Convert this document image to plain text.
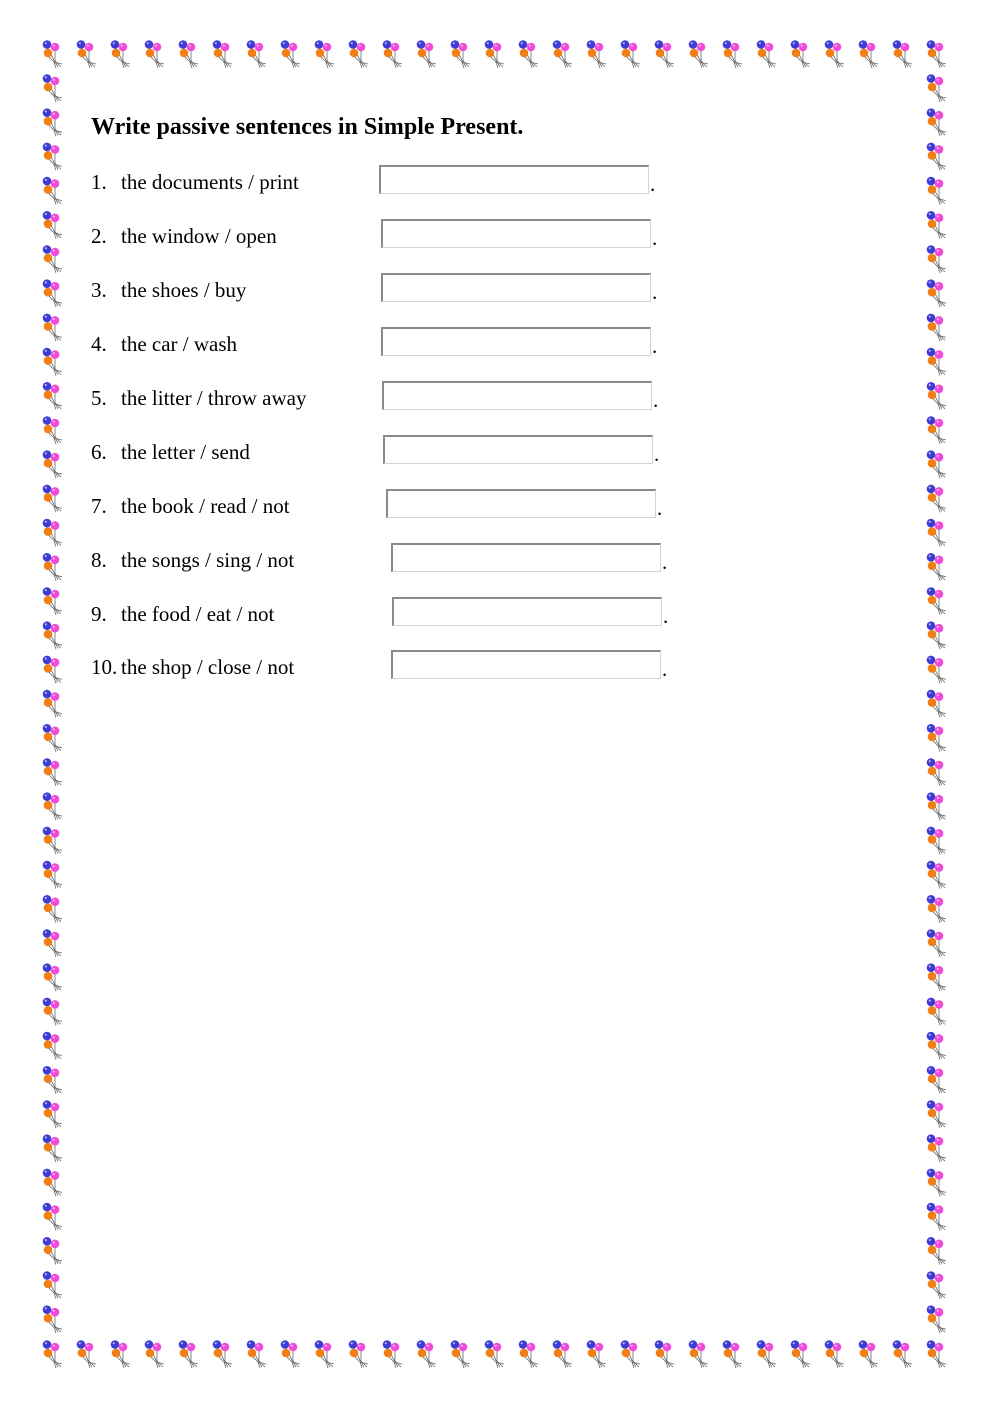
Write passive sentences in Simple Present.
1. the documents / print	.
2. the window / open	.
3. the shoes / buy	.
4. the car / wash	.
5. the litter / throw away	.
6. the letter / send	.
7. the book / read / not	.
8. the songs / sing / not	.
9. the food / eat / not	.
10. the shop / close / not	.
